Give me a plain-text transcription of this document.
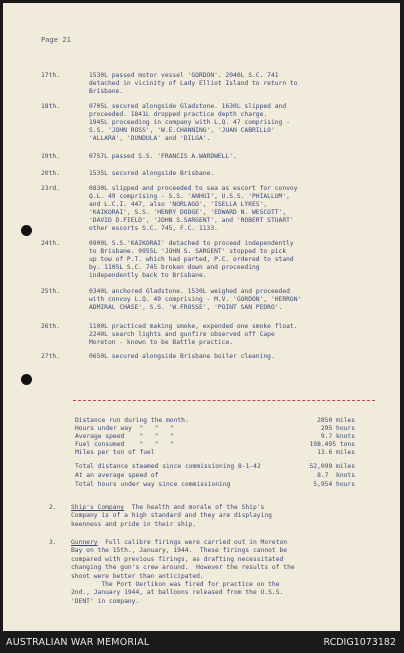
Page 21
17th.	1530L passed motor vessel 'GORDON'. 2040L S.C. 741
detached in vicinity of Lady Elliot Island to return to
Brisbane.
18th.	0705L secured alongside Gladstone. 1630L slipped and
proceeded. 1841L dropped practice depth charge.
1945L proceeding in company with L.Q. 47 comprising -
S.S. 'JOHN ROSS', 'W.E.CHANNING', 'JUAN CABRILLO'
'ALLARA', 'DUNDULA' and 'DILGA'.
19th.	0757L passed S.S. 'FRANCIS A.WARDWELL'.
20th.	1535L secured alongside Brisbane.
23rd.	0830L slipped and proceeded to sea as escort for convoy
Q.L. 49 comprising - S.S. 'ANHUI', U.S.S. 'PHIALLUM',
and L.C.I. 447, also 'NORLAGO', 'ISELLA LYKES',
'KAIKORAI', S.S. 'HENRY DODGE', 'EDWARD N. WESCOTT',
'DAVID D.FIELD', 'JOHN S.SARGENT', and 'ROBERT STUART'
other escorts S.C. 745, F.C. 1133.
24th.	0900L S.S.'KAIKORAI' detached to proceed independently
to Brisbane. 0955L 'JOHN S. SARGENT' stopped to pick
up tow of P.T. which had parted, P.C. ordered to stand
by. 1105L S.C. 745 broken down and proceeding
independently back to Brisbane.
25th.	0340L anchored Gladstone. 1530L weighed and proceeded
with convoy L.Q. 49 comprising - M.V. 'GORDON', 'HERRON'
ADMIRAL CHASE', S.S. 'W.FROSSE', 'POINT SAN PEDRO'.
26th.	1100L practiced making smoke, expended one smoke float.
2240L search lights and gunfire observed off Cape
Moreton - known to be Battle practice.
27th.	0650L secured alongside Brisbane boiler cleaning.
Distance run during the month.	2850 miles
Hours under way  "   "   "	295 hours
Average speed    "   "   "	9.7 knots
Fuel consumed    "   "   "	198.495 tons
Miles per ton of fuel	13.6 miles
Total distance steamed since commissioning 8-1-42	52,099 miles
At an average speed of	8.7  knots
Total hours under way since commissioning	5,954 hours
2. Ship's Company  The health and morale of the Ship's
Company is of a high standard and they are displaying
keenness and pride in their ship.
3. Gunnery  Full calibre firings were carried out in Moreton
Bay on the 15th., January, 1944.  These firings cannot be
compared with previous firings, as drafting necessitated
changing the gun's crew around.  However the results of the
shoot were better than anticipated.
The Port Oerlikon was fired for practice on the
2nd., January 1944, at balloons released from the U.S.S.
'DENT' in company.
AUSTRALIAN WAR MEMORIAL	RCDIG1073182
